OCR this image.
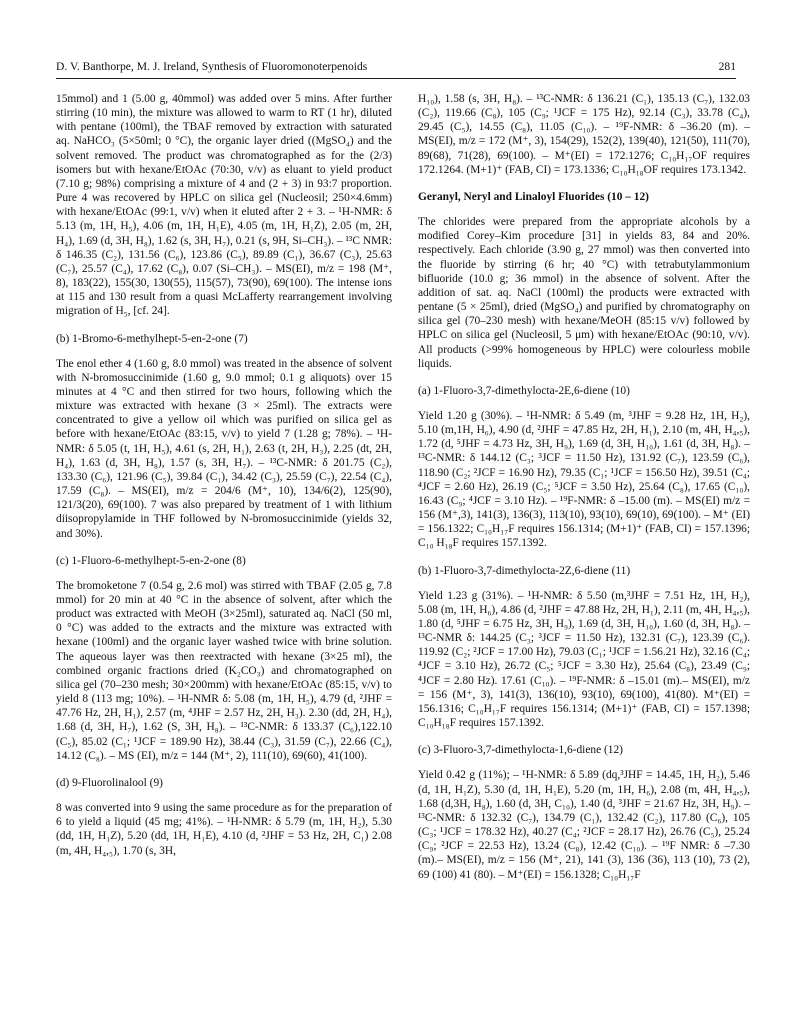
D. V. Banthorpe, M. J. Ireland, Synthesis of Fluoromonoterpenoids	281

15mmol) and 1 (5.00 g, 40mmol) was added over 5 mins. After further stirring (10 min), the mixture was allowed to warm to RT (1 hr), diluted with pentane (100ml), the TBAF removed by extraction with saturated aq. NaHCO₃ (5×50ml; 0 °C), the organic layer dried ((MgSO₄) and the solvent removed. The product was chromatographed as for the (2/3) isomers but with hexane/EtOAc (70:30, v/v) as eluant to yield product (7.10 g; 98%) comprising a mixture of 4 and (2 + 3) in 93:7 proportion. Pure 4 was recovered by HPLC on silica gel (Nucleosil; 250×4.6mm) with hexane/EtOAc (99:1, v/v) when it eluted after 2 + 3. – ¹H-NMR: δ 5.13 (m, 1H, H₅), 4.06 (m, 1H, H₁E), 4.05 (m, 1H, H₁Z), 2.05 (m, 2H, H₄), 1.69 (d, 3H, H₈), 1.62 (s, 3H, H₇), 0.21 (s, 9H, Si–CH₃). – ¹³C NMR: δ 146.35 (C₂), 131.56 (C₆), 123.86 (C₅), 89.89 (C₁), 36.67 (C₃), 25.63 (C₇), 25.57 (C₄), 17.62 (C₈), 0.07 (Si–CH₃). – MS(EI), m/z = 198 (M⁺, 8), 183(22), 155(30, 130(55), 115(57), 73(90), 69(100). The intense ions at 115 and 130 result from a quasi McLafferty rearrangement involving migration of H₅, [cf. 24].

(b) 1-Bromo-6-methylhept-5-en-2-one (7)

The enol ether 4 (1.60 g, 8.0 mmol) was treated in the absence of solvent with N-bromosuccinimide (1.60 g, 9.0 mmol; 0.1 g aliquots) over 15 minutes at 4 °C and then stirred for two hours, following which the mixture was extracted with hexane (3 × 25ml). The extracts were concentrated to give a yellow oil which was purified on silica gel as before with hexane/EtOAc (83:15, v/v) to yield 7 (1.28 g; 78%). – ¹H-NMR: δ 5.05 (t, 1H, H₅), 4.61 (s, 2H, H₁), 2.63 (t, 2H, H₃), 2.25 (dt, 2H, H₄), 1.63 (d, 3H, H₈), 1.57 (s, 3H, H₇). – ¹³C-NMR: δ 201.75 (C₂), 133.30 (C₆), 121.96 (C₅), 39.84 (C₁), 34.42 (C₃), 25.59 (C₇), 22.54 (C₄), 17.59 (C₈). – MS(EI), m/z = 204/6 (M⁺, 10), 134/6(2), 125(90), 121/3(20), 69(100). 7 was also prepared by treatment of 1 with lithium diisopropylamide in THF followed by N-bromosuccinimide (yields 32, and 30%).

(c) 1-Fluoro-6-methylhept-5-en-2-one (8)

The bromoketone 7 (0.54 g, 2.6 mol) was stirred with TBAF (2.05 g, 7.8 mmol) for 20 min at 40 °C in the absence of solvent, after which the product was extracted with MeOH (3×25ml), saturated aq. NaCl (50 ml, 0 °C) was added to the extracts and the mixture was extracted with hexane (100ml) and the organic layer washed twice with brine solution. The aqueous layer was then reextracted with hexane (3×25 ml), the combined organic fractions dried (K₂CO₃) and chromatographed on silica gel (70–230 mesh; 30×200mm) with hexane/EtOAc (85:15, v/v) to yield 8 (113 mg; 10%). – ¹H-NMR δ: 5.08 (m, 1H, H₅), 4.79 (d, ²JHF = 47.76 Hz, 2H, H₁), 2.57 (m, ⁴JHF = 2.57 Hz, 2H, H₃). 2.30 (dd, 2H, H₄), 1.68 (d, 3H, H₇), 1.62 (S, 3H, H₈). – ¹³C-NMR: δ 133.37 (C₆),122.10 (C₅), 85.02 (C₁; ¹JCF = 189.90 Hz), 38.44 (C₃), 31.59 (C₇), 22.66 (C₄), 14.12 (C₈). – MS (EI), m/z = 144 (M⁺, 2), 111(10), 69(60), 41(100).

(d) 9-Fluorolinalool (9)

8 was converted into 9 using the same procedure as for the preparation of 6 to yield a liquid (45 mg; 41%). – ¹H-NMR: δ 5.79 (m, 1H, H₂), 5.30 (dd, 1H, H₁Z), 5.20 (dd, 1H, H₁E), 4.10 (d, ²JHF = 53 Hz, 2H, C₁) 2.08 (m, 4H, H₄,₅), 1.70 (s, 3H,

H₁₀), 1.58 (s, 3H, H₈). – ¹³C-NMR: δ 136.21 (C₁), 135.13 (C₇), 132.03 (C₂), 119.66 (C₈), 105 (C₉; ¹JCF = 175 Hz), 92.14 (C₃), 33.78 (C₄), 29.45 (C₅), 14.55 (C₈), 11.05 (C₁₀). – ¹⁹F-NMR: δ –36.20 (m). – MS(EI), m/z = 172 (M⁺, 3), 154(29), 152(2), 139(40), 121(50), 111(70), 89(68), 71(28), 69(100). – M⁺(EI) = 172.1276; C₁₀H₁₇OF requires 172.1264. (M+1)⁺ (FAB, CI) = 173.1336; C₁₀H₁₈OF requires 173.1342.

Geranyl, Neryl and Linaloyl Fluorides (10 – 12)

The chlorides were prepared from the appropriate alcohols by a modified Corey–Kim procedure [31] in yields 83, 84 and 20%. respectively. Each chloride (3.90 g, 27 mmol) was then converted into the fluoride by stirring (6 hr; 40 °C) with tetrabutylammonium bifluoride (10.0 g; 36 mmol) in the absence of solvent. After the addition of sat. aq. NaCl (100ml) the products were extracted with pentane (5 × 25ml), dried (MgSO₄) and purified by chromatography on silica gel (70–230 mesh) with hexane/MeOH (85:15 v/v) followed by HPLC on silica gel (Nucleosil, 5 μm) with hexane/EtOAc (90:10, v/v). All products (>99% homogeneous by HPLC) were colourless mobile liquids.

(a) 1-Fluoro-3,7-dimethylocta-2E,6-diene (10)

Yield 1.20 g (30%). – ¹H-NMR: δ 5.49 (m, ³JHF = 9.28 Hz, 1H, H₂), 5.10 (m,1H, H₆), 4.90 (d, ²JHF = 47.85 Hz, 2H, H₁), 2.10 (m, 4H, H₄,₅), 1.72 (d, ⁵JHF = 4.73 Hz, 3H, H₉), 1.69 (d, 3H, H₁₀), 1.61 (d, 3H, H₈). – ¹³C-NMR: δ 144.12 (C₃; ³JCF = 11.50 Hz), 131.92 (C₇), 123.59 (C₆), 118.90 (C₂; ²JCF = 16.90 Hz), 79.35 (C₁; ¹JCF = 156.50 Hz), 39.51 (C₄; ⁴JCF = 2.60 Hz), 26.19 (C₅; ⁵JCF = 3.50 Hz), 25.64 (C₈), 17.65 (C₁₀), 16.43 (C₉; ⁴JCF = 3.10 Hz). – ¹⁹F-NMR: δ –15.00 (m). – MS(EI) m/z = 156 (M⁺,3), 141(3), 136(3), 113(10), 93(10), 69(10), 69(100). – M⁺ (EI) = 156.1322; C₁₀H₁₇F requires 156.1314; (M+1)⁺ (FAB, CI) = 157.1396; C₁₀ H₁₈F requires 157.1392.

(b) 1-Fluoro-3,7-dimethylocta-2Z,6-diene (11)

Yield 1.23 g (31%). – ¹H-NMR: δ 5.50 (m,³JHF = 7.51 Hz, 1H, H₂), 5.08 (m, 1H, H₆), 4.86 (d, ²JHF = 47.88 Hz, 2H, H₁), 2.11 (m, 4H, H₄,₅), 1.80 (d, ⁵JHF = 6.75 Hz, 3H, H₉), 1.69 (d, 3H, H₁₀), 1.60 (d, 3H, H₈). – ¹³C-NMR δ: 144.25 (C₃; ³JCF = 11.50 Hz), 132.31 (C₇), 123.39 (C₆). 119.92 (C₂; ²JCF = 17.00 Hz), 79.03 (C₁; ¹JCF = 1.56.21 Hz), 32.16 (C₄; ⁴JCF = 3.10 Hz), 26.72 (C₅; ⁵JCF = 3.30 Hz), 25.64 (C₈), 23.49 (C₉; ⁴JCF = 2.80 Hz). 17.61 (C₁₀). – ¹⁹F-NMR: δ –15.01 (m).– MS(EI), m/z = 156 (M⁺, 3), 141(3), 136(10), 93(10), 69(100), 41(80). M⁺(EI) = 156.1316; C₁₀H₁₇F requires 156.1314; (M+1)⁺ (FAB, CI) = 157.1398; C₁₀H₁₈F requires 157.1392.

(c) 3-Fluoro-3,7-dimethylocta-1,6-diene (12)

Yield 0.42 g (11%); – ¹H-NMR: δ 5.89 (dq,³JHF = 14.45, 1H, H₂), 5.46 (d, 1H, H₁Z), 5.30 (d, 1H, H₁E), 5.20 (m, 1H, H₆), 2.08 (m, 4H, H₄,₅), 1.68 (d,3H, H₈), 1.60 (d, 3H, C₁₀), 1.40 (d, ³JHF = 21.67 Hz, 3H, H₉). – ¹³C-NMR: δ 132.32 (C₇), 134.79 (C₁), 132.42 (C₂), 117.80 (C₆), 105 (C₃; ¹JCF = 178.32 Hz), 40.27 (C₄; ²JCF = 28.17 Hz), 26.76 (C₅), 25.24 (C₉; ²JCF = 22.53 Hz), 13.24 (C₈), 12.42 (C₁₀). – ¹⁹F NMR: δ –7.30 (m).– MS(EI), m/z = 156 (M⁺, 21), 141 (3), 136 (36), 113 (10), 73 (2), 69 (100) 41 (80). – M⁺(EI) = 156.1328; C₁₀H₁₇F
